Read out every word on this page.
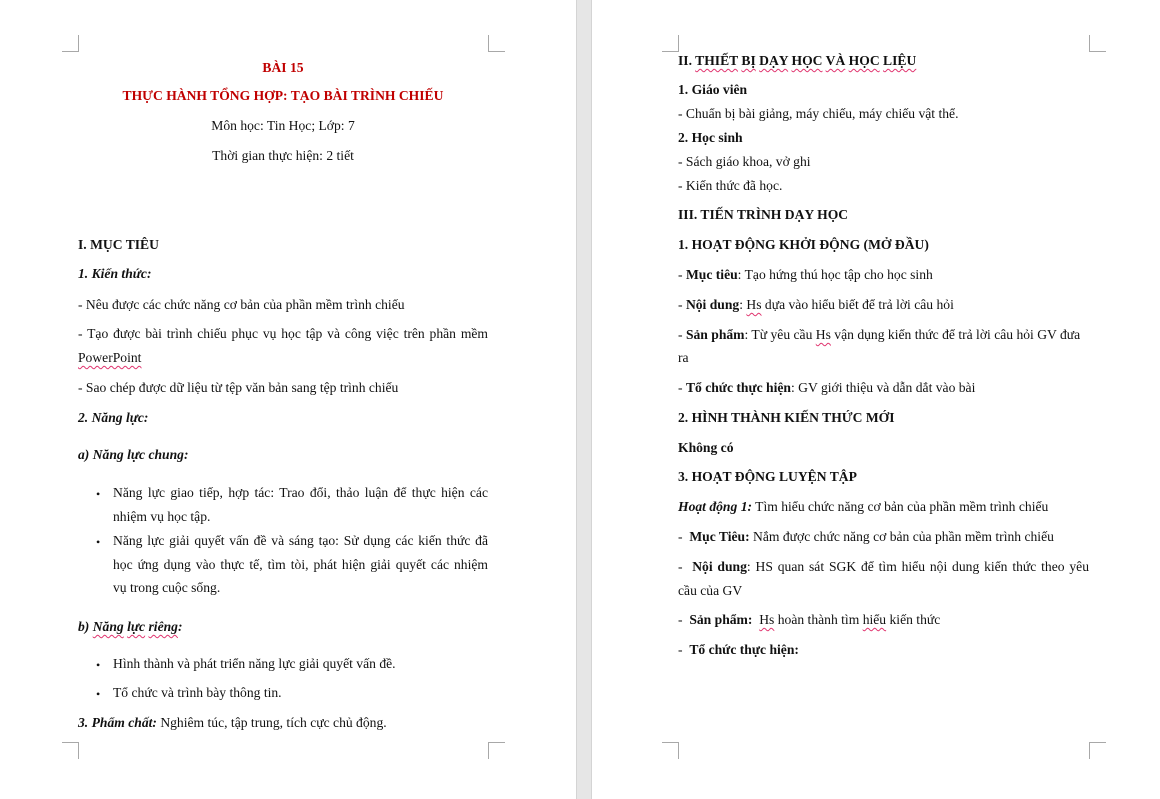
BÀI 15
THỰC HÀNH TỔNG HỢP: TẠO BÀI TRÌNH CHIẾU
Môn học: Tin Học; Lớp: 7
Thời gian thực hiện: 2 tiết
I. MỤC TIÊU
1. Kiến thức:
- Nêu được các chức năng cơ bản của phần mềm trình chiếu
- Tạo được bài trình chiếu phục vụ học tập và công việc trên phần mềm
PowerPoint
- Sao chép được dữ liệu từ tệp văn bản sang tệp trình chiếu
2. Năng lực:
a) Năng lực chung:
• Năng lực giao tiếp, hợp tác: Trao đổi, thảo luận để thực hiện các
nhiệm vụ học tập.
• Năng lực giải quyết vấn đề và sáng tạo: Sử dụng các kiến thức đã
học ứng dụng vào thực tế, tìm tòi, phát hiện giải quyết các nhiệm
vụ trong cuộc sống.
b) Năng lực riêng:
• Hình thành và phát triển năng lực giải quyết vấn đề.
• Tổ chức và trình bày thông tin.
3. Phẩm chất: Nghiêm túc, tập trung, tích cực chủ động.
II. THIẾT BỊ DẠY HỌC VÀ HỌC LIỆU
1. Giáo viên
- Chuẩn bị bài giảng, máy chiếu, máy chiếu vật thể.
2. Học sinh
- Sách giáo khoa, vở ghi
- Kiến thức đã học.
III. TIẾN TRÌNH DẠY HỌC
1. HOẠT ĐỘNG KHỞI ĐỘNG (MỞ ĐẦU)
- Mục tiêu: Tạo hứng thú học tập cho học sinh
- Nội dung: Hs dựa vào hiểu biết để trả lời câu hỏi
- Sản phẩm: Từ yêu cầu Hs vận dụng kiến thức để trả lời câu hỏi GV đưa
ra
- Tổ chức thực hiện: GV giới thiệu và dẫn dắt vào bài
2. HÌNH THÀNH KIẾN THỨC MỚI
Không có
3. HOẠT ĐỘNG LUYỆN TẬP
Hoạt động 1: Tìm hiểu chức năng cơ bản của phần mềm trình chiếu
-  Mục Tiêu: Nắm được chức năng cơ bản của phần mềm trình chiếu
-  Nội dung: HS quan sát SGK để tìm hiểu nội dung kiến thức theo yêu
cầu của GV
-  Sản phẩm: Hs hoàn thành tìm hiểu kiến thức
-  Tổ chức thực hiện:
